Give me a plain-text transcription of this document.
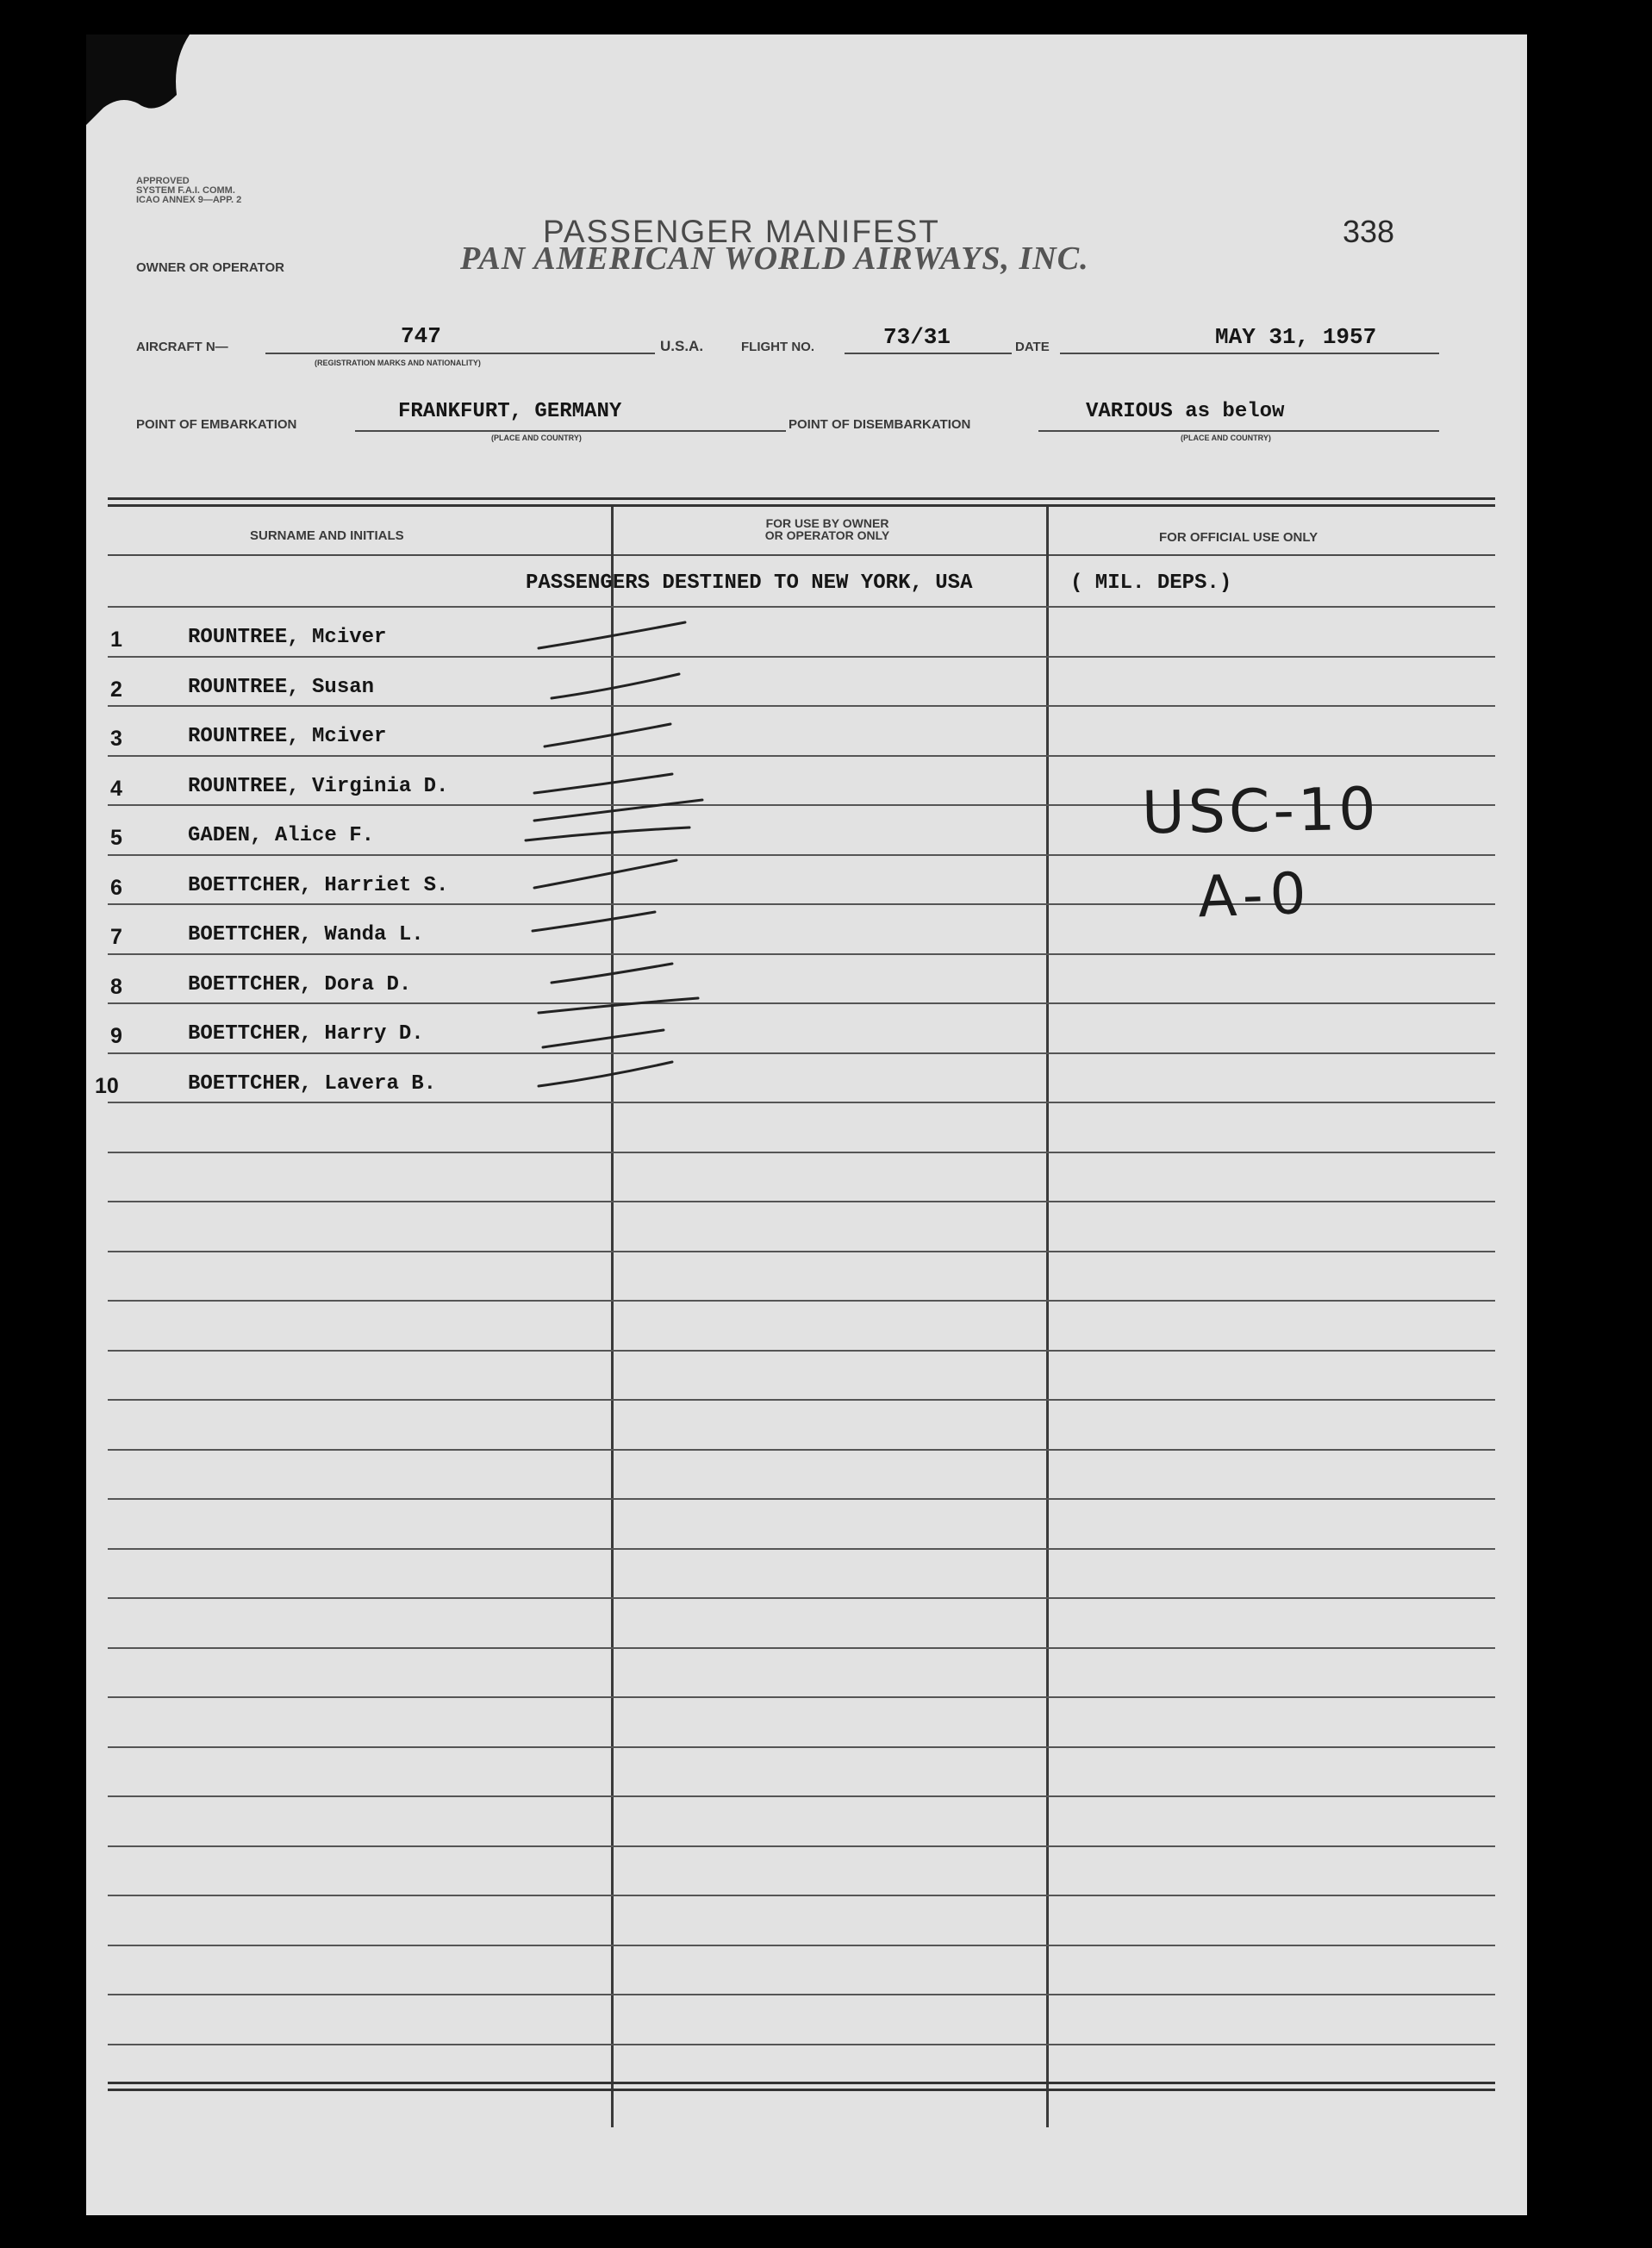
APPROVED
SYSTEM F.A.I. COMM.
ICAO ANNEX 9—APP. 2
PASSENGER MANIFEST	338
OWNER OR OPERATOR	PAN AMERICAN WORLD AIRWAYS, INC.
AIRCRAFT N—	747
(REGISTRATION MARKS AND NATIONALITY)
U.S.A.	FLIGHT NO.	73/31	DATE	MAY 31, 1957
POINT OF EMBARKATION
FRANKFURT, GERMANY
(PLACE AND COUNTRY)
POINT OF DISEMBARKATION
VARIOUS as below
(PLACE AND COUNTRY)
SURNAME AND INITIALS
FOR USE BY OWNER
OR OPERATOR ONLY	FOR OFFICIAL USE ONLY
PASSENGERS DESTINED TO NEW YORK, USA	( MIL. DEPS.)
1	ROUNTREE, Mciver
2	ROUNTREE, Susan
3	ROUNTREE, Mciver
4	ROUNTREE, Virginia D.
5	GADEN, Alice F.
6	BOETTCHER, Harriet S.
7	BOETTCHER, Wanda L.
8	BOETTCHER, Dora D.
9	BOETTCHER, Harry D.
10	BOETTCHER, Lavera B.
USC-10
A-0
